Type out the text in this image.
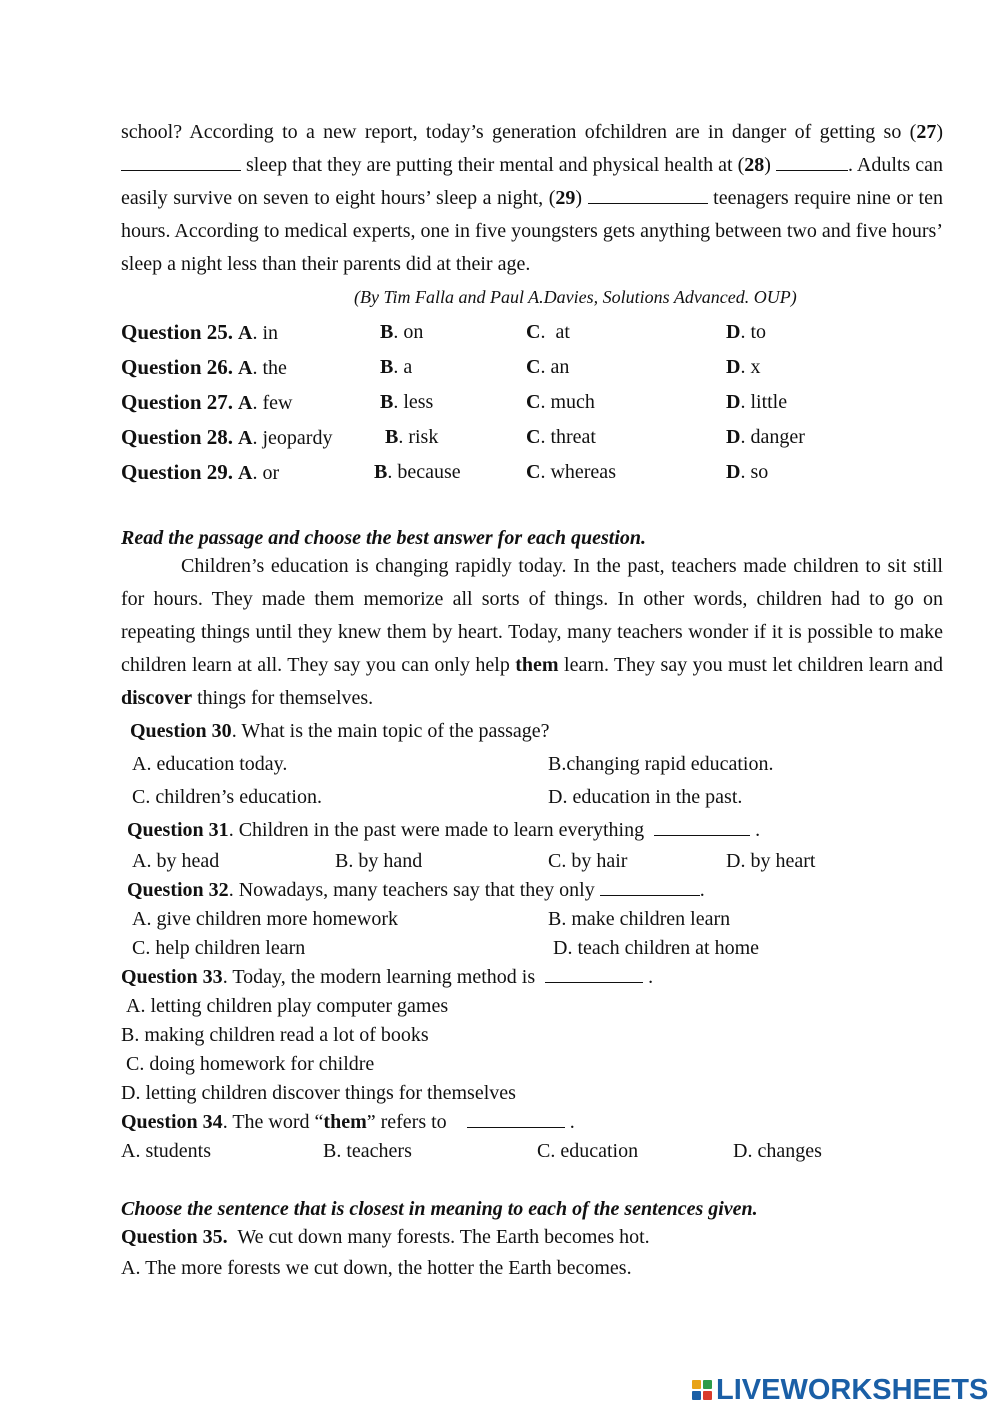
school? According to a new report, today’s generation ofchildren are in danger of getting so (27)  sleep that they are putting their mental and physical health at (28)	. Adults can easily survive on seven to eight hours’ sleep a night, (29)	teenagers require nine or ten hours. According to medical experts, one in five youngsters gets anything between two and five hours’ sleep a night less than their parents did at their age.

(By Tim Falla and Paul A.Davies, Solutions Advanced. OUP)
Question 25. A. in	B. on	C.  at	D. to
Question 26. A. the	B. a	C. an	D. x
Question 27. A. few	B. less	C. much	D. little
Question 28. A. jeopardy	B. risk	C. threat	D. danger
Question 29. A. or	B. because	C. whereas	D. so
Read the passage and choose the best answer for each question.

Children’s education is changing rapidly today. In the past, teachers made children to sit still for hours. They made them memorize all sorts of things. In other words, children had to go on repeating things until they knew them by heart. Today, many teachers wonder if it is possible to make children learn at all. They say you can only help them learn. They say you must let children learn and discover things for themselves.

Question 30. What is the main topic of the passage?
A. education today.	B.changing rapid education.
C. children’s education.	D. education in the past.
Question 31. Children in the past were made to learn everything	.
A. by head	B. by hand	C. by hair	D. by heart
Question 32. Nowadays, many teachers say that they only	.
A. give children more homework	B. make children learn
C. help children learn	D. teach children at home
Question 33. Today, the modern learning method is	.
A. letting children play computer games
B. making children read a lot of books
C. doing homework for childre
D. letting children discover things for themselves
Question 34. The word “them” refers to	.
A. students	B. teachers	C. education	D. changes
Choose the sentence that is closest in meaning to each of the sentences given.
Question 35. We cut down many forests. The Earth becomes hot.
A. The more forests we cut down, the hotter the Earth becomes.
LIVEWORKSHEETS
